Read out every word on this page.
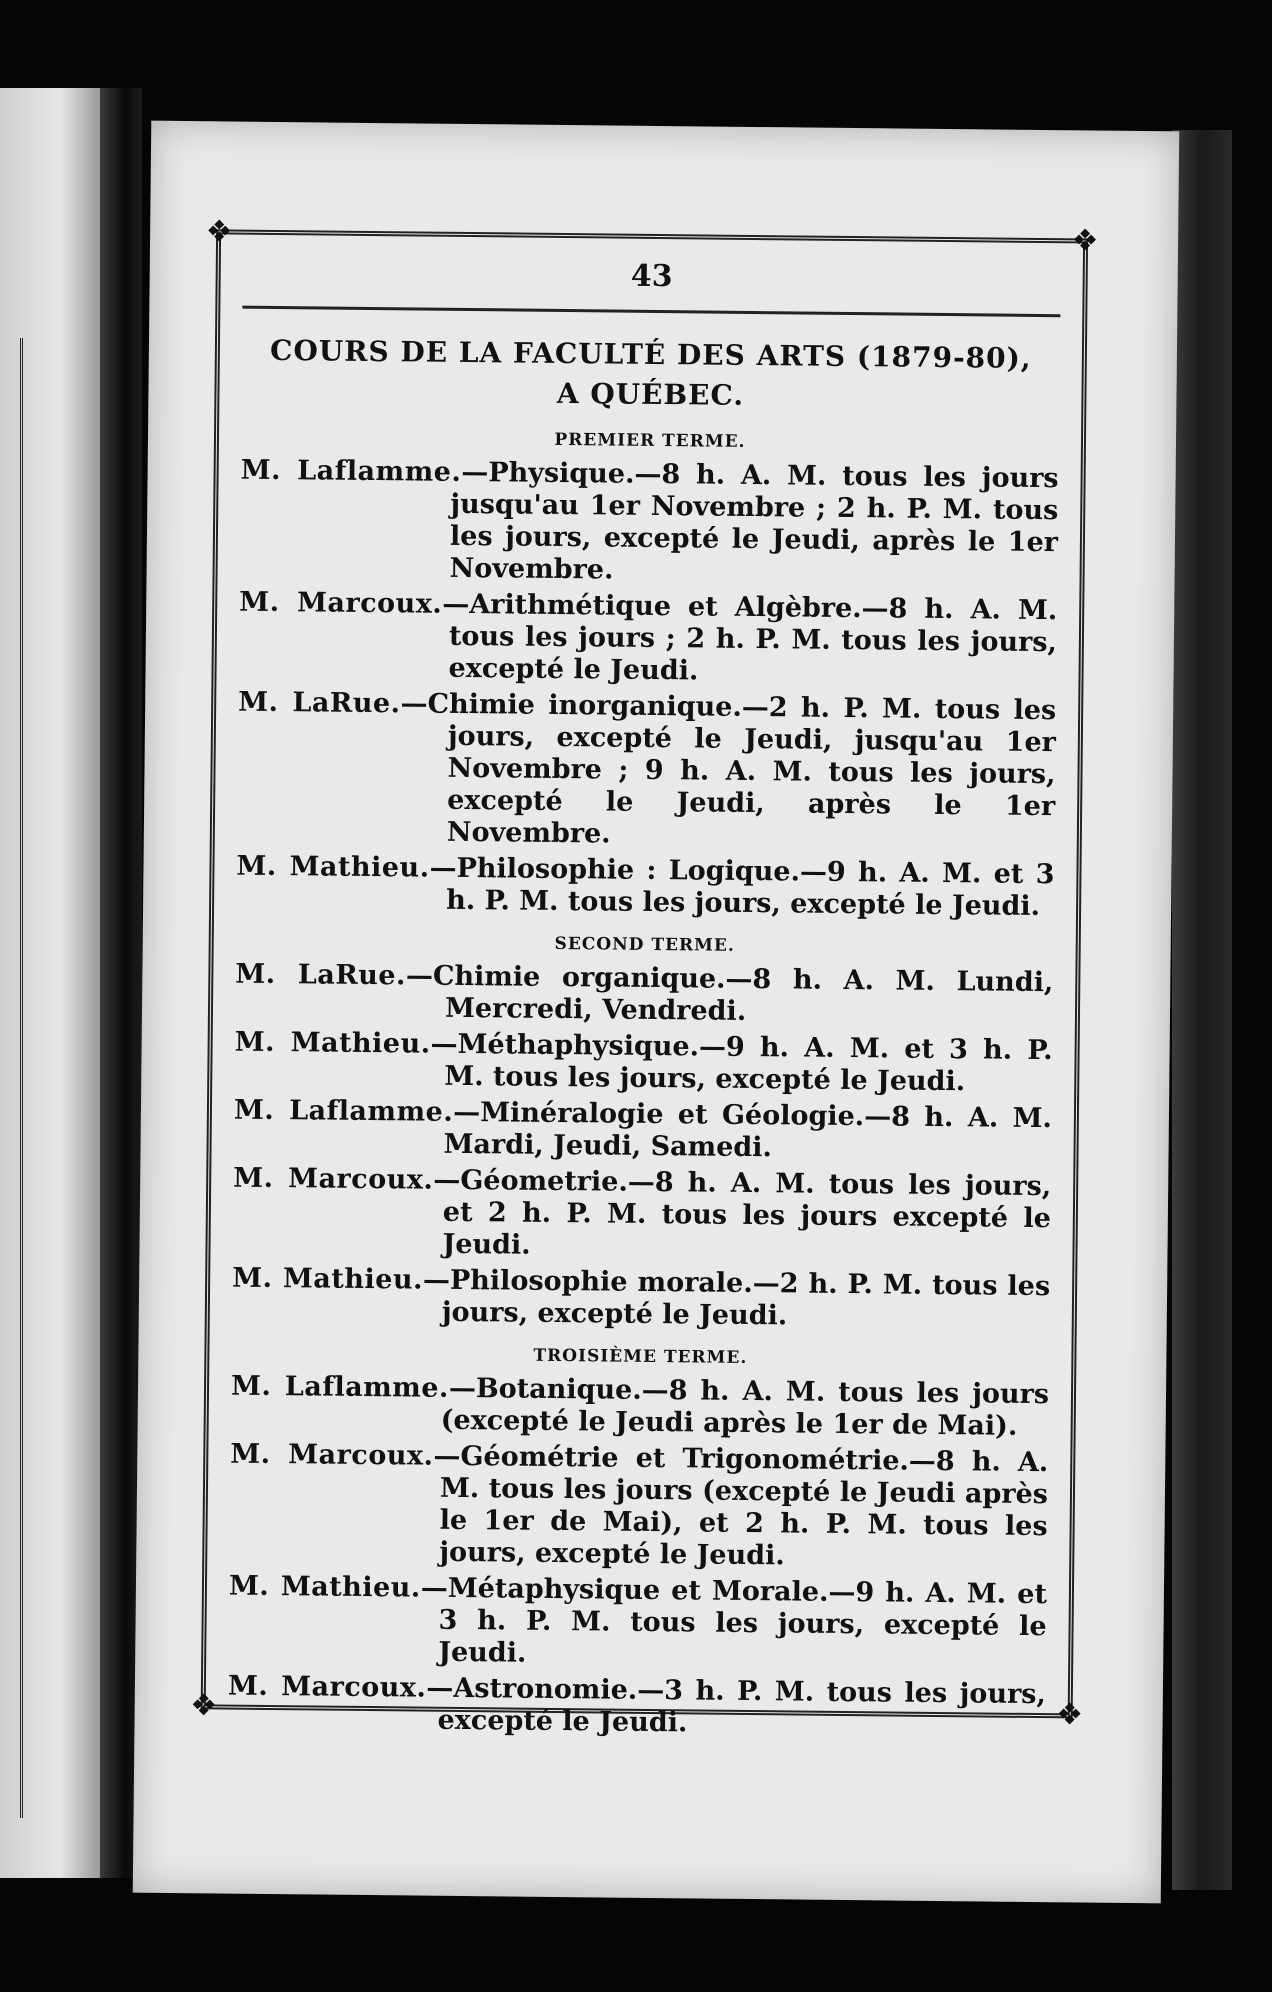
❖	❖
❖	❖
43
COURS DE LA FACULTÉ DES ARTS (1879-80),
A QUÉBEC.
PREMIER TERME.
M. Laflamme.—Physique.—8 h. A. M. tous les jours jusqu'au 1er Novembre ; 2 h. P. M. tous les jours, excepté le Jeudi, après le 1er Novembre.
M. Marcoux.—Arithmétique et Algèbre.—8 h. A. M. tous les jours ; 2 h. P. M. tous les jours, excepté le Jeudi.
M. LaRue.—Chimie inorganique.—2 h. P. M. tous les jours, excepté le Jeudi, jusqu'au 1er Novembre ; 9 h. A. M. tous les jours, excepté le Jeudi, après le 1er Novembre.
M. Mathieu.—Philosophie : Logique.—9 h. A. M. et 3 h. P. M. tous les jours, excepté le Jeudi.
SECOND TERME.
M. LaRue.—Chimie organique.—8 h. A. M. Lundi, Mercredi, Vendredi.
M. Mathieu.—Méthaphysique.—9 h. A. M. et 3 h. P. M. tous les jours, excepté le Jeudi.
M. Laflamme.—Minéralogie et Géologie.—8 h. A. M. Mardi, Jeudi, Samedi.
M. Marcoux.—Géometrie.—8 h. A. M. tous les jours, et 2 h. P. M. tous les jours excepté le Jeudi.
M. Mathieu.—Philosophie morale.—2 h. P. M. tous les jours, excepté le Jeudi.
TROISIÈME TERME.
M. Laflamme.—Botanique.—8 h. A. M. tous les jours (excepté le Jeudi après le 1er de Mai).
M. Marcoux.—Géométrie et Trigonométrie.—8 h. A. M. tous les jours (excepté le Jeudi après le 1er de Mai), et 2 h. P. M. tous les jours, excepté le Jeudi.
M. Mathieu.—Métaphysique et Morale.—9 h. A. M. et 3 h. P. M. tous les jours, excepté le Jeudi.
M. Marcoux.—Astronomie.—3 h. P. M. tous les jours, excepté le Jeudi.
